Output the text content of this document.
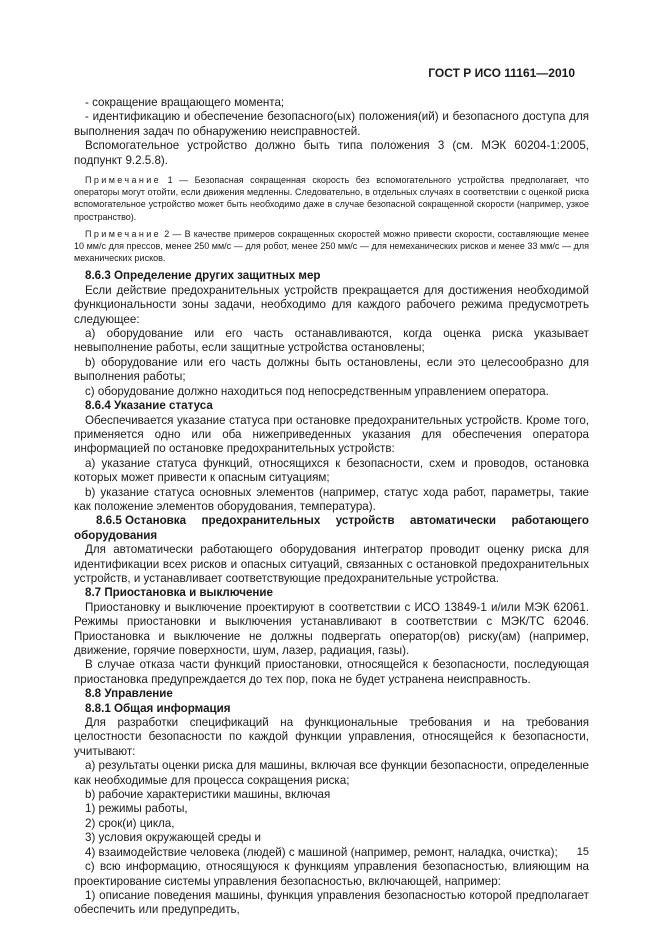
ГОСТ Р ИСО 11161—2010

- сокращение вращающего момента;

- идентификацию и обеспечение безопасного(ых) положения(ий) и безопасного доступа для выполнения задач по обнаружению неисправностей.

Вспомогательное устройство должно быть типа положения 3 (см. МЭК 60204-1:2005, подпункт 9.2.5.8).

Примечание 1 — Безопасная сокращенная скорость без вспомогательного устройства предполагает, что операторы могут отойти, если движения медленны. Следовательно, в отдельных случаях в соответствии с оценкой риска вспомогательное устройство может быть необходимо даже в случае безопасной сокращенной скорости (например, узкое пространство).

Примечание 2 — В качестве примеров сокращенных скоростей можно привести скорости, составляющие менее 10 мм/с для прессов, менее 250 мм/с — для робот, менее 250 мм/с — для немеханических рисков и менее 33 мм/с — для механических рисков.

8.6.3 Определение других защитных мер

Если действие предохранительных устройств прекращается для достижения необходимой функциональности зоны задачи, необходимо для каждого рабочего режима предусмотреть следующее:

а) оборудование или его часть останавливаются, когда оценка риска указывает невыполнение работы, если защитные устройства остановлены;

b) оборудование или его часть должны быть остановлены, если это целесообразно для выполнения работы;

с) оборудование должно находиться под непосредственным управлением оператора.

8.6.4 Указание статуса

Обеспечивается указание статуса при остановке предохранительных устройств. Кроме того, применяется одно или оба нижеприведенных указания для обеспечения оператора информацией по остановке предохранительных устройств:

а) указание статуса функций, относящихся к безопасности, схем и проводов, остановка которых может привести к опасным ситуациям;

b) указание статуса основных элементов (например, статус хода работ, параметры, такие как положение элементов оборудования, температура).

8.6.5 Остановка предохранительных устройств автоматически работающего

оборудования

Для автоматически работающего оборудования интегратор проводит оценку риска для идентификации всех рисков и опасных ситуаций, связанных с остановкой предохранительных устройств, и устанавливает соответствующие предохранительные устройства.

8.7 Приостановка и выключение

Приостановку и выключение проектируют в соответствии с ИСО 13849-1 и/или МЭК 62061. Режимы приостановки и выключения устанавливают в соответствии с МЭК/ТС 62046. Приостановка и выключение не должны подвергать оператор(ов) риску(ам) (например, движение, горячие поверхности, шум, лазер, радиация, газы).

В случае отказа части функций приостановки, относящейся к безопасности, последующая приостановка предупреждается до тех пор, пока не будет устранена неисправность.

8.8 Управление

8.8.1 Общая информация

Для разработки спецификаций на функциональные требования и на требования целостности безопасности по каждой функции управления, относящейся к безопасности, учитывают:

а) результаты оценки риска для машины, включая все функции безопасности, определенные как необходимые для процесса сокращения риска;

b) рабочие характеристики машины, включая

1) режимы работы,

2) срок(и) цикла,

3) условия окружающей среды и

4) взаимодействие человека (людей) с машиной (например, ремонт, наладка, очистка);

с) всю информацию, относящуюся к функциям управления безопасностью, влияющим на проектирование системы управления безопасностью, включающей, например:

1) описание поведения машины, функция управления безопасностью которой предполагает обеспечить или предупредить,

15
